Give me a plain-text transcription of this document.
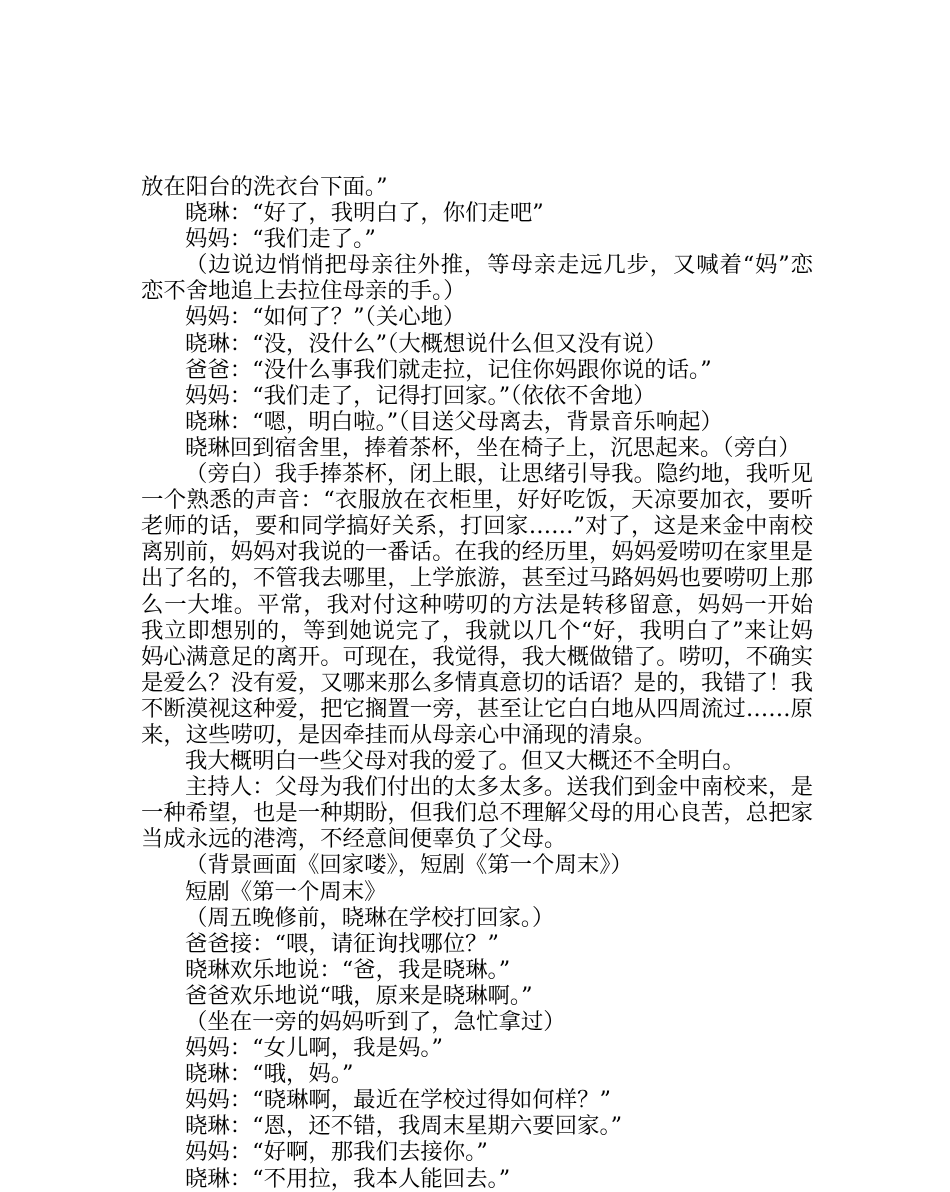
放在阳台的洗衣台下面。”
晓琳：“好了，我明白了，你们走吧”
妈妈：“我们走了。”
（边说边悄悄把母亲往外推，等母亲走远几步，又喊着“妈”恋
恋不舍地追上去拉住母亲的手。）
妈妈：“如何了？”（关心地）
晓琳：“没，没什么”（大概想说什么但又没有说）
爸爸：“没什么事我们就走拉，记住你妈跟你说的话。”
妈妈：“我们走了，记得打回家。”（依依不舍地）
晓琳：“嗯，明白啦。”（目送父母离去，背景音乐响起）
晓琳回到宿舍里，捧着茶杯，坐在椅子上，沉思起来。（旁白）
（旁白）我手捧茶杯，闭上眼，让思绪引导我。隐约地，我听见
一个熟悉的声音：“衣服放在衣柜里，好好吃饭，天凉要加衣，要听
老师的话，要和同学搞好关系，打回家……”对了，这是来金中南校
离别前，妈妈对我说的一番话。在我的经历里，妈妈爱唠叨在家里是
出了名的，不管我去哪里，上学旅游，甚至过马路妈妈也要唠叨上那
么一大堆。平常，我对付这种唠叨的方法是转移留意，妈妈一开始
我立即想别的，等到她说完了，我就以几个“好，我明白了”来让妈
妈心满意足的离开。可现在，我觉得，我大概做错了。唠叨，不确实
是爱么？没有爱，又哪来那么多情真意切的话语？是的，我错了！我
不断漠视这种爱，把它搁置一旁，甚至让它白白地从四周流过……原
来，这些唠叨，是因牵挂而从母亲心中涌现的清泉。
我大概明白一些父母对我的爱了。但又大概还不全明白。
主持人：父母为我们付出的太多太多。送我们到金中南校来，是
一种希望，也是一种期盼，但我们总不理解父母的用心良苦，总把家
当成永远的港湾，不经意间便辜负了父母。
（背景画面《回家喽》，短剧《第一个周末》）
短剧《第一个周末》
（周五晚修前，晓琳在学校打回家。）
爸爸接：“喂，请征询找哪位？”
晓琳欢乐地说：“爸，我是晓琳。”
爸爸欢乐地说“哦，原来是晓琳啊。”
（坐在一旁的妈妈听到了，急忙拿过）
妈妈：“女儿啊，我是妈。”
晓琳：“哦，妈。”
妈妈：“晓琳啊，最近在学校过得如何样？”
晓琳：“恩，还不错，我周末星期六要回家。”
妈妈：“好啊，那我们去接你。”
晓琳：“不用拉，我本人能回去。”
